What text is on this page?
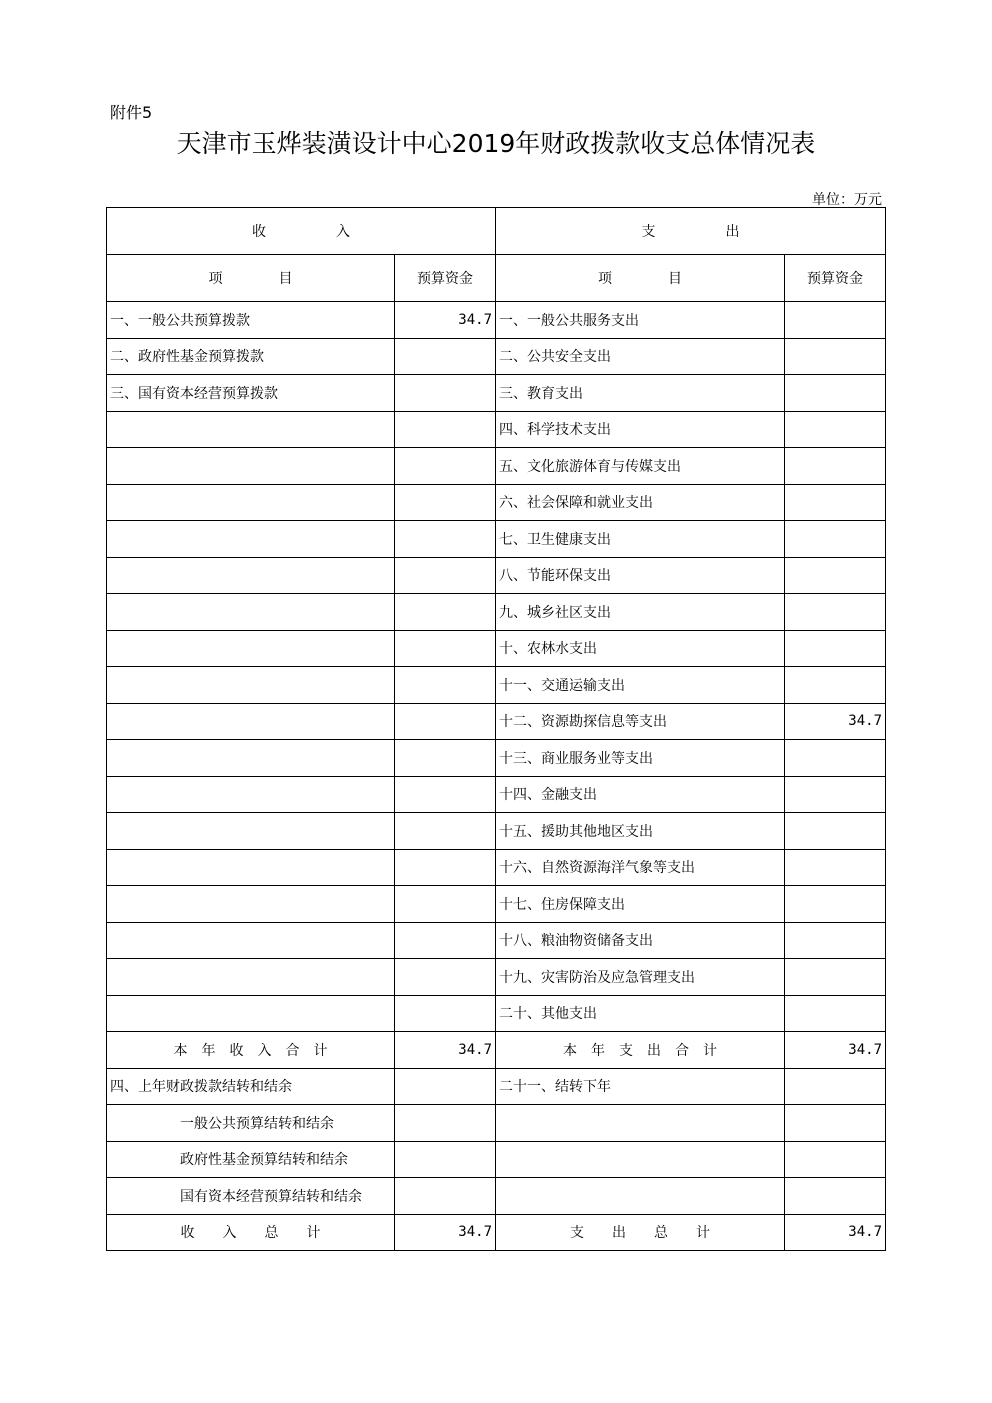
附件5
天津市玉烨装潢设计中心2019年财政拨款收支总体情况表
单位：万元
收　　　　　入		支　　　　　出	
项　　　　目	预算资金	项　　　　目	预算资金
一、一般公共预算拨款	34.7	一、一般公共服务支出	
二、政府性基金预算拨款		二、公共安全支出	
三、国有资本经营预算拨款		三、教育支出	
		四、科学技术支出	
		五、文化旅游体育与传媒支出	
		六、社会保障和就业支出	
		七、卫生健康支出	
		八、节能环保支出	
		九、城乡社区支出	
		十、农林水支出	
		十一、交通运输支出	
		十二、资源勘探信息等支出	34.7
		十三、商业服务业等支出	
		十四、金融支出	
		十五、援助其他地区支出	
		十六、自然资源海洋气象等支出	
		十七、住房保障支出	
		十八、粮油物资储备支出	
		十九、灾害防治及应急管理支出	
		二十、其他支出	
本　年　收　入　合　计	34.7	本　年　支　出　合　计	34.7
四、上年财政拨款结转和结余		二十一、结转下年	
一般公共预算结转和结余			
政府性基金预算结转和结余			
国有资本经营预算结转和结余			
收　　入　　总　　计	34.7	支　　出　　总　　计	34.7
